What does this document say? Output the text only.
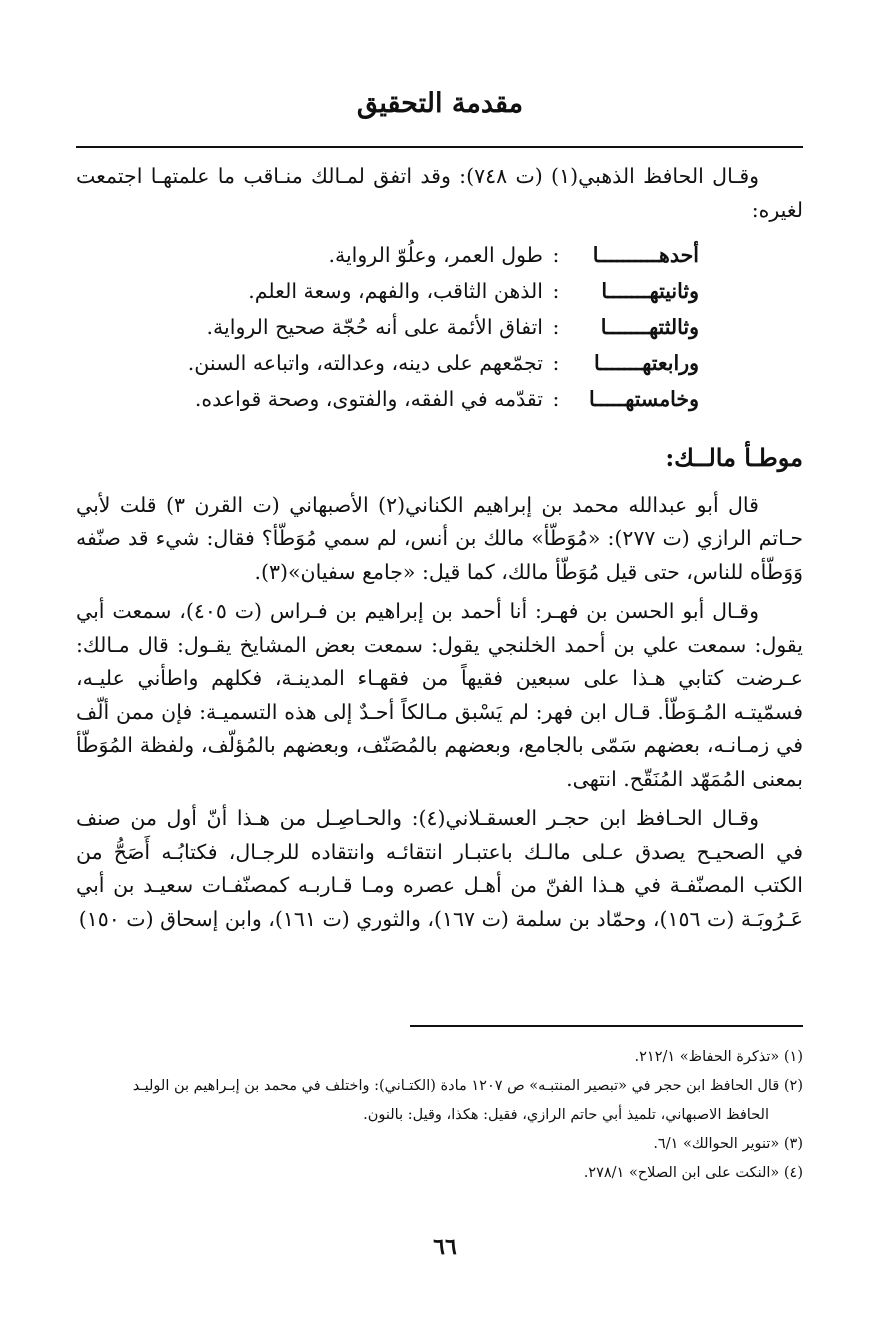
مقدمة التحقيق

وقـال الحافظ الذهبي(١) (ت ٧٤٨): وقد اتفق لمـالك منـاقب ما علمتهـا اجتمعت لغيره:

أحدهــــــــــا
:
طول العمر، وعلُوّ الرواية.
وثانيتهـــــــا
:
الذهن الثاقب، والفهم، وسعة العلم.
وثالثتهـــــــا
:
اتفاق الأئمة على أنه حُجّة صحيح الرواية.
ورابعتهـــــــا
:
تجمّعهم على دينه، وعدالته، واتباعه السنن.
وخامستهـــــا
:
تقدّمه في الفقه، والفتوى، وصحة قواعده.
موطـأ مالــك:

قال أبو عبدالله محمد بن إبراهيم الكناني(٢) الأصبهاني (ت القرن ٣) قلت لأبي حـاتم الرازي (ت ٢٧٧): «مُوَطّأ» مالك بن أنس، لم سمي مُوَطّأ؟ فقال: شيء قد صنّفه وَوَطّأه للناس، حتى قيل مُوَطّأ مالك، كما قيل: «جامع سفيان»(٣).

وقـال أبو الحسن بن فهـر: أنا أحمد بن إبراهيم بن فـراس (ت ٤٠٥)، سمعت أبي يقول: سمعت علي بن أحمد الخلنجي يقول: سمعت بعض المشايخ يقـول: قال مـالك: عـرضت كتابي هـذا على سبعين فقيهاً من فقهـاء المدينـة، فكلهم واطأني عليـه، فسمّيتـه المُـوَطّأ. قـال ابن فهر: لم يَسْبق مـالكاً أحـدٌ إلى هذه التسميـة: فإن ممن ألّف في زمـانـه، بعضهم سَمّى بالجامع، وبعضهم بالمُصَنّف، وبعضهم بالمُؤلّف، ولفظة المُوَطّأ بمعنى المُمَهّد المُنَقّح. انتهى.

وقـال الحـافظ ابن حجـر العسقـلاني(٤): والحـاصِـل من هـذا أنّ أول من صنف في الصحيـح يصدق عـلى مالـك باعتبـار انتقائـه وانتقاده للرجـال، فكتابُـه أَصَحُّ من الكتب المصنّفـة في هـذا الفنّ من أهـل عصره ومـا قـاربـه كمصنّفـات سعيـد بن أبي عَـرُوبَـة (ت ١٥٦)، وحمّاد بن سلمة (ت ١٦٧)، والثوري (ت ١٦١)، وابن إسحاق (ت ١٥٠)

(١) «تذكرة الحفاظ» ٢١٢/١.

(٢) قال الحافظ ابن حجر في «تبصير المنتبـه» ص ١٢٠٧ مادة (الكتـاني): واختلف في محمد بن إبـراهيم بن الوليـد

الحافظ الاصبهاني، تلميذ أبي حاتم الرازي، فقيل: هكذا، وقيل: بالنون.

(٣) «تنوير الحوالك» ٦/١.

(٤) «النكت على ابن الصلاح» ٢٧٨/١.

٦٦
